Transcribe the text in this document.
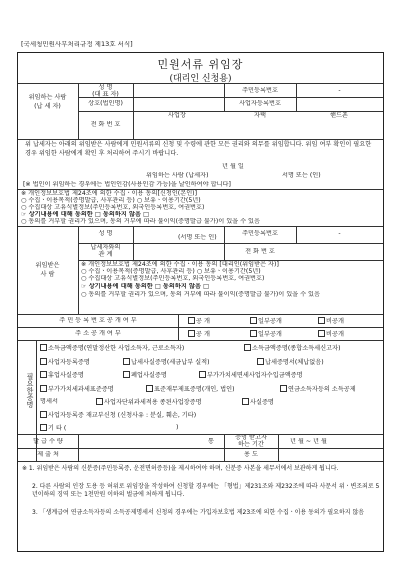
[국세청민원사무처리규정 제13호 서식]
민원서류 위임장
(대리인 신청용)
위임하는 사람
(납 세 자)
성 명
(대 표 자)
주민등록번호	-
상호(법인명)	사업자등록번호
전 화 번 호
사업장	자택	핸드폰
위 납세자는 아래의 위임받은 사람에게 민원서류의 신청 및 수령에 관한 모든 권리와 의무를 위임합니다. 위임 여부 확인이 필요한 경우 위임한 사람에게 확인 후 처리하여 주시기 바랍니다.
년 월 일
위임하는 사람 (납세자)	서명 또는 (인)
[※ 법인이 위임하는 경우에는 법인인감(사용인감 가능)을 날인하여야 합니다]
※ 개인정보보호법 제24조에 의한 수집ㆍ이용 동의[신청인(본인)]
○ 수집ㆍ이용목적(증명발급, 사후관리 등) ○ 보유ㆍ이용기간(5년)
○ 수집대상 고유식별정보(주민등록번호, 외국인등록번호, 여권번호)
☞ 상기내용에 대해 동의한 □ 동의하지 않음 □
○ 동의를 거부할 권리가 있으며, 동의 거부에 따라 불이익(증명발급 불가)이 있을 수 있음
위임받은
사 람
성 명
(서명 또는 인)
주민등록번호	-
납세자와의
관 계	전 화 번 호
※ 개인정보보호법 제24조에 의한 수집ㆍ이용 동의 [대리인(위임받은 자)]
○ 수집ㆍ이용목적(증명발급, 사후관리 등) ○ 보유ㆍ이용기간(5년)
○ 수집대상 고유식별정보(주민등록번호, 외국인등록번호, 여권번호)
☞ 상기내용에 대해 동의한 □ 동의하지 않음 □
○ 동의를 거부할 권리가 있으며, 동의 거부에 따라 불이익(증명발급 불가)이 있을 수 있음
주 민 등 록 번 호 공 개 여 부	공 개	일부공개	비공개
주 소 공 개 여 부	공 개	일부공개	비공개
필요한증명
소득금액증명(연말정산한 사업소득자, 근로소득자)	소득금액증명(종합소득세신고자)
사업자등록증명	납세사실증명(세금납부 실적)	납세증명서(체납없음)
휴업사실증명	폐업사실증명	부가가치세면세사업자수입금액증명
부가가치세과세표준증명	표준재무제표증명(개인, 법인)	연금소득자등의 소득공제
명세서	사업자단위과세적용 종된사업장증명	사실증명
사업자등록증 재교부신청 (신청사유 : 분실, 훼손, 기타)
기 타 (	)
발 급 수 량	통
증명 받고자
하는 기간	년 월 ~ 년 월
제 출 처	용 도
※ 1. 위임받은 사람의 신분증(주민등록증, 운전면허증등)을 제시하여야 하며, 신분증 사본을 세무서에서 보관하게 됩니다.
2. 다른 사람의 인장 도용 등 허위로 위임장을 작성하여 신청할 경우에는 「형법」제231조와 제232조에 따라 사문서 위ㆍ변조죄로 5년이하의 징역 또는 1천만원 이하의 벌금에 처하게 됩니다.
3. 「생계급여 연금소득자등의 소득공제명세서 신청의 경우에는 가입자보호법 제23조에 의한 수집ㆍ이용 동의가 필요하지 않음
